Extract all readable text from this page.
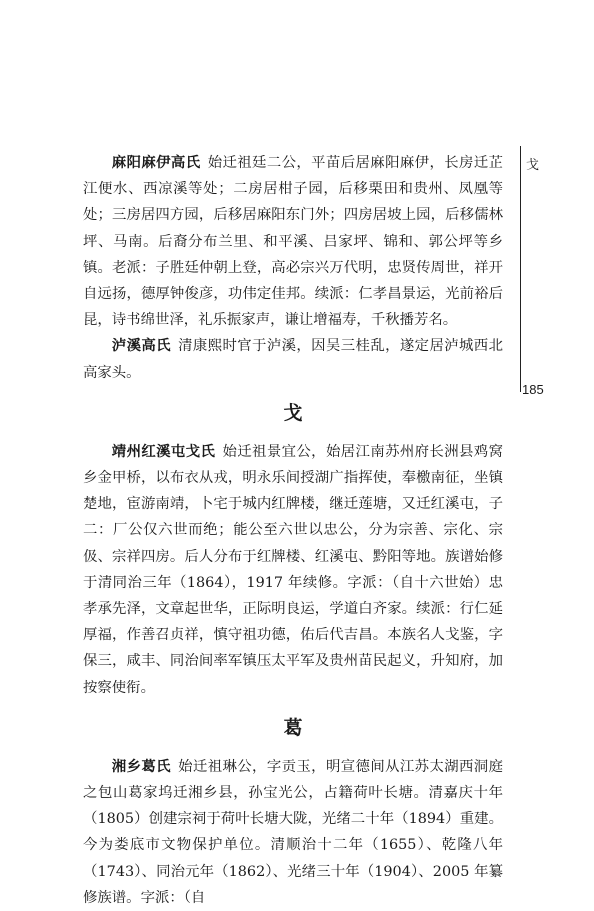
戈
185

麻阳麻伊高氏 始迁祖廷二公，平苗后居麻阳麻伊，长房迁芷江便水、西凉溪等处；二房居柑子园，后移栗田和贵州、凤凰等处；三房居四方园，后移居麻阳东门外；四房居坡上园，后移儒林坪、马南。后裔分布兰里、和平溪、吕家坪、锦和、郭公坪等乡镇。老派：子胜廷仲朝上登，高必宗兴万代明，忠贤传周世，祥开自远扬，德厚钟俊彦，功伟定佳邦。续派：仁孝昌景运，光前裕后昆，诗书绵世泽，礼乐振家声，谦让增福寿，千秋播芳名。

泸溪高氏 清康熙时官于泸溪，因吴三桂乱，遂定居泸城西北高家头。

戈

靖州红溪屯戈氏 始迁祖景宜公，始居江南苏州府长洲县鸡窝乡金甲桥，以布衣从戎，明永乐间授湖广指挥使，奉檄南征，坐镇楚地，宦游南靖，卜宅于城内红牌楼，继迁莲塘，又迁红溪屯，子二：厂公仅六世而绝；能公至六世以忠公，分为宗善、宗化、宗伋、宗祥四房。后人分布于红牌楼、红溪屯、黔阳等地。族谱始修于清同治三年（1864），1917 年续修。字派：（自十六世始）忠孝承先泽，文章起世华，正际明良运，学道白齐家。续派：行仁延厚福，作善召贞祥，慎守祖功德，佑后代吉昌。本族名人戈鉴，字保三，咸丰、同治间率军镇压太平军及贵州苗民起义，升知府，加按察使衔。

葛

湘乡葛氏 始迁祖琳公，字贡玉，明宣德间从江苏太湖西洞庭之包山葛家坞迁湘乡县，孙宝光公，占籍荷叶长塘。清嘉庆十年（1805）创建宗祠于荷叶长塘大陇，光绪二十年（1894）重建。今为娄底市文物保护单位。清顺治十二年（1655）、乾隆八年（1743）、同治元年（1862）、光绪三十年（1904）、2005 年纂修族谱。字派：（自
